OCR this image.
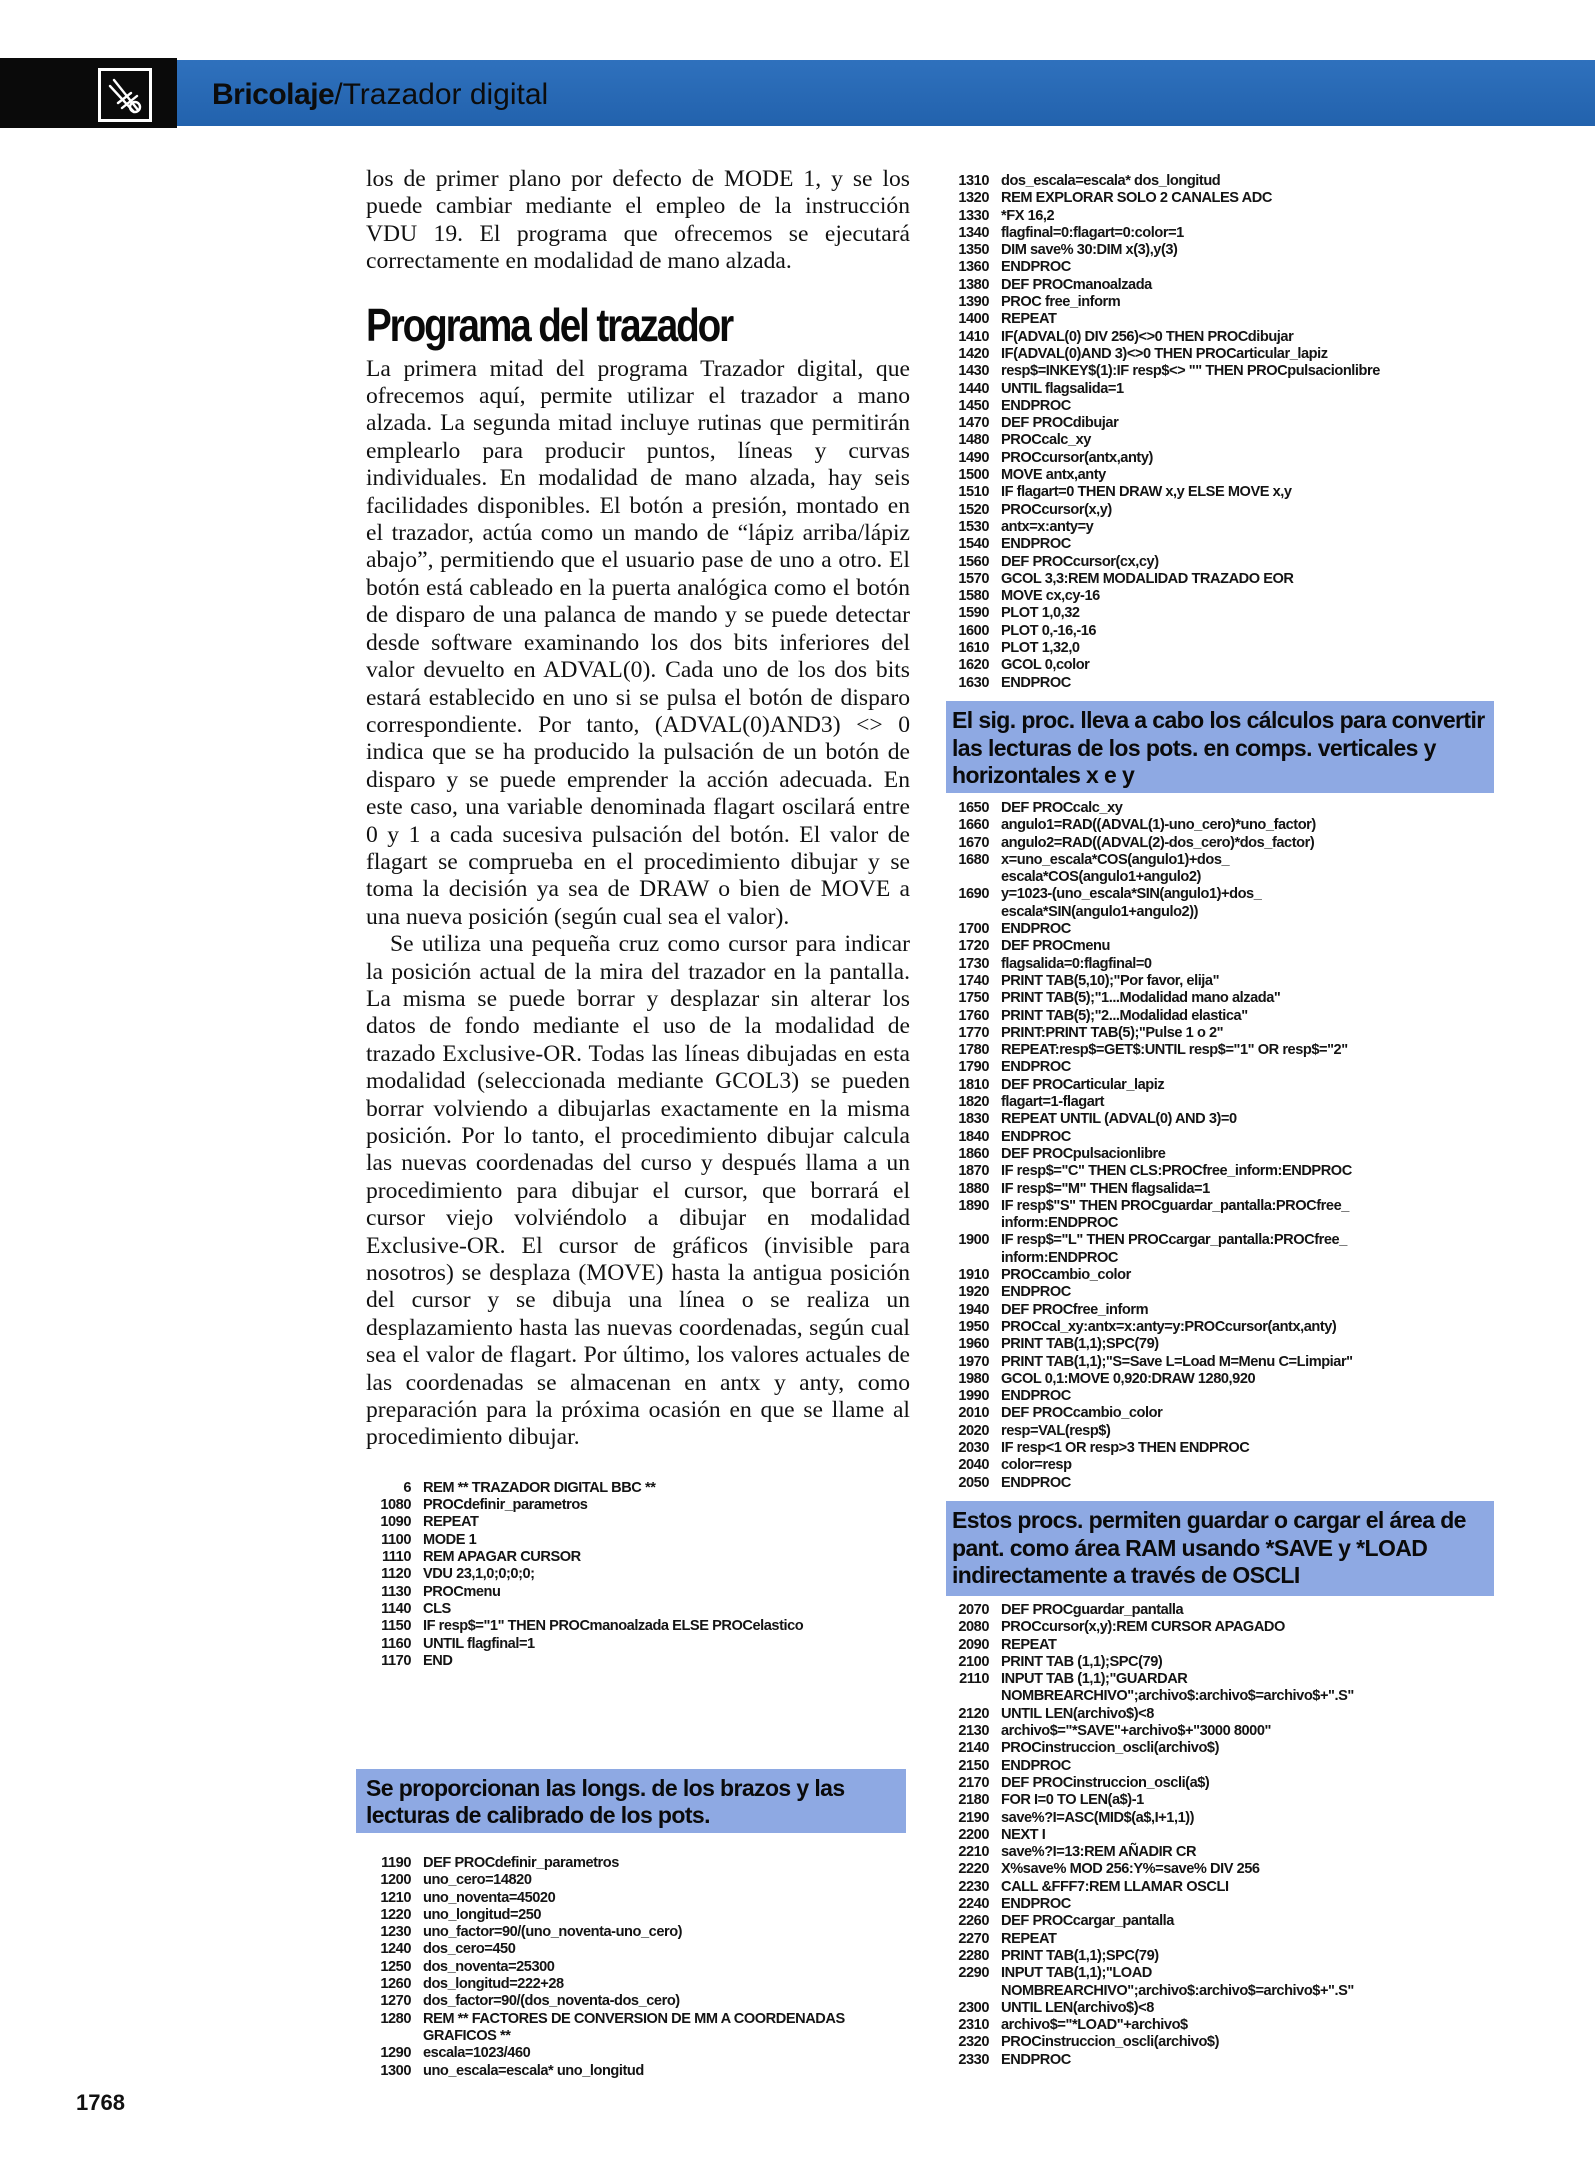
Bricolaje/Trazador digital

los de primer plano por defecto de MODE 1, y se los puede cambiar mediante el empleo de la instrucción VDU 19. El programa que ofrecemos se ejecutará correctamente en modalidad de mano alzada.

Programa del trazador

La primera mitad del programa Trazador digital, que ofrecemos aquí, permite utilizar el trazador a mano alzada. La segunda mitad incluye rutinas que permitirán emplearlo para producir puntos, líneas y curvas individuales. En modalidad de mano alzada, hay seis facilidades disponibles. El botón a presión, montado en el trazador, actúa como un mando de “lápiz arriba/lápiz abajo”, permitiendo que el usuario pase de uno a otro. El botón está cableado en la puerta analógica como el botón de disparo de una palanca de mando y se puede detectar desde software examinando los dos bits inferiores del valor devuelto en ADVAL(0). Cada uno de los dos bits estará establecido en uno si se pulsa el botón de disparo correspondiente. Por tanto, (ADVAL(0)AND3) <> 0 indica que se ha producido la pulsación de un botón de disparo y se puede emprender la acción adecuada. En este caso, una variable denominada flagart oscilará entre 0 y 1 a cada sucesiva pulsación del botón. El valor de flagart se comprueba en el procedimiento dibujar y se toma la decisión ya sea de DRAW o bien de MOVE a una nueva posición (según cual sea el valor).

Se utiliza una pequeña cruz como cursor para indicar la posición actual de la mira del trazador en la pantalla. La misma se puede borrar y desplazar sin alterar los datos de fondo mediante el uso de la modalidad de trazado Exclusive-OR. Todas las líneas dibujadas en esta modalidad (seleccionada mediante GCOL3) se pueden borrar volviendo a dibujarlas exactamente en la misma posición. Por lo tanto, el procedimiento dibujar calcula las nuevas coordenadas del curso y después llama a un procedimiento para dibujar el cursor, que borrará el cursor viejo volviéndolo a dibujar en modalidad Exclusive-OR. El cursor de gráficos (invisible para nosotros) se desplaza (MOVE) hasta la antigua posición del cursor y se dibuja una línea o se realiza un desplazamiento hasta las nuevas coordenadas, según cual sea el valor de flagart. Por último, los valores actuales de las coordenadas se almacenan en antx y anty, como preparación para la próxima ocasión en que se llame al procedimiento dibujar.

6 REM ** TRAZADOR DIGITAL BBC **
1080 PROCdefinir_parametros
1090 REPEAT
1100 MODE 1
1110 REM APAGAR CURSOR
1120 VDU 23,1,0;0;0;0;
1130 PROCmenu
1140 CLS
1150 IF resp$="1" THEN PROCmanoalzada ELSE PROCelastico
1160 UNTIL flagfinal=1
1170 END
Se proporcionan las longs. de los brazos y las lecturas de calibrado de los pots.
1190 DEF PROCdefinir_parametros
1200 uno_cero=14820
1210 uno_noventa=45020
1220 uno_longitud=250
1230 uno_factor=90/(uno_noventa-uno_cero)
1240 dos_cero=450
1250 dos_noventa=25300
1260 dos_longitud=222+28
1270 dos_factor=90/(dos_noventa-dos_cero)
1280 REM ** FACTORES DE CONVERSION DE MM A COORDENADAS
GRAFICOS **
1290 escala=1023/460
1300 uno_escala=escala* uno_longitud
1310 dos_escala=escala* dos_longitud
1320 REM EXPLORAR SOLO 2 CANALES ADC
1330 *FX 16,2
1340 flagfinal=0:flagart=0:color=1
1350 DIM save% 30:DIM x(3),y(3)
1360 ENDPROC
1380 DEF PROCmanoalzada
1390 PROC free_inform
1400 REPEAT
1410 IF(ADVAL(0) DIV 256)<>0 THEN PROCdibujar
1420 IF(ADVAL(0)AND 3)<>0 THEN PROCarticular_lapiz
1430 resp$=INKEY$(1):IF resp$<> "" THEN PROCpulsacionlibre
1440 UNTIL flagsalida=1
1450 ENDPROC
1470 DEF PROCdibujar
1480 PROCcalc_xy
1490 PROCcursor(antx,anty)
1500 MOVE antx,anty
1510 IF flagart=0 THEN DRAW x,y ELSE MOVE x,y
1520 PROCcursor(x,y)
1530 antx=x:anty=y
1540 ENDPROC
1560 DEF PROCcursor(cx,cy)
1570 GCOL 3,3:REM MODALIDAD TRAZADO EOR
1580 MOVE cx,cy-16
1590 PLOT 1,0,32
1600 PLOT 0,-16,-16
1610 PLOT 1,32,0
1620 GCOL 0,color
1630 ENDPROC
El sig. proc. lleva a cabo los cálculos para convertir las lecturas de los pots. en comps. verticales y horizontales x e y
1650 DEF PROCcalc_xy
1660 angulo1=RAD((ADVAL(1)-uno_cero)*uno_factor)
1670 angulo2=RAD((ADVAL(2)-dos_cero)*dos_factor)
1680 x=uno_escala*COS(angulo1)+dos_
escala*COS(angulo1+angulo2)
1690 y=1023-(uno_escala*SIN(angulo1)+dos_
escala*SIN(angulo1+angulo2))
1700 ENDPROC
1720 DEF PROCmenu
1730 flagsalida=0:flagfinal=0
1740 PRINT TAB(5,10);"Por favor, elija"
1750 PRINT TAB(5);"1...Modalidad mano alzada"
1760 PRINT TAB(5);"2...Modalidad elastica"
1770 PRINT:PRINT TAB(5);"Pulse 1 o 2"
1780 REPEAT:resp$=GET$:UNTIL resp$="1" OR resp$="2"
1790 ENDPROC
1810 DEF PROCarticular_lapiz
1820 flagart=1-flagart
1830 REPEAT UNTIL (ADVAL(0) AND 3)=0
1840 ENDPROC
1860 DEF PROCpulsacionlibre
1870 IF resp$="C" THEN CLS:PROCfree_inform:ENDPROC
1880 IF resp$="M" THEN flagsalida=1
1890 IF resp$"S" THEN PROCguardar_pantalla:PROCfree_
inform:ENDPROC
1900 IF resp$="L" THEN PROCcargar_pantalla:PROCfree_
inform:ENDPROC
1910 PROCcambio_color
1920 ENDPROC
1940 DEF PROCfree_inform
1950 PROCcal_xy:antx=x:anty=y:PROCcursor(antx,anty)
1960 PRINT TAB(1,1);SPC(79)
1970 PRINT TAB(1,1);"S=Save L=Load M=Menu C=Limpiar"
1980 GCOL 0,1:MOVE 0,920:DRAW 1280,920
1990 ENDPROC
2010 DEF PROCcambio_color
2020 resp=VAL(resp$)
2030 IF resp<1 OR resp>3 THEN ENDPROC
2040 color=resp
2050 ENDPROC
Estos procs. permiten guardar o cargar el área de pant. como área RAM usando *SAVE y *LOAD indirectamente a través de OSCLI
2070 DEF PROCguardar_pantalla
2080 PROCcursor(x,y):REM CURSOR APAGADO
2090 REPEAT
2100 PRINT TAB (1,1);SPC(79)
2110 INPUT TAB (1,1);"GUARDAR
NOMBREARCHIVO";archivo$:archivo$=archivo$+".S"
2120 UNTIL LEN(archivo$)<8
2130 archivo$="*SAVE"+archivo$+"3000 8000"
2140 PROCinstruccion_oscli(archivo$)
2150 ENDPROC
2170 DEF PROCinstruccion_oscli(a$)
2180 FOR I=0 TO LEN(a$)-1
2190 save%?I=ASC(MID$(a$,I+1,1))
2200 NEXT I
2210 save%?I=13:REM AÑADIR CR
2220 X%save% MOD 256:Y%=save% DIV 256
2230 CALL &FFF7:REM LLAMAR OSCLI
2240 ENDPROC
2260 DEF PROCcargar_pantalla
2270 REPEAT
2280 PRINT TAB(1,1);SPC(79)
2290 INPUT TAB(1,1);"LOAD
NOMBREARCHIVO";archivo$:archivo$=archivo$+".S"
2300 UNTIL LEN(archivo$)<8
2310 archivo$="*LOAD"+archivo$
2320 PROCinstruccion_oscli(archivo$)
2330 ENDPROC
1768
